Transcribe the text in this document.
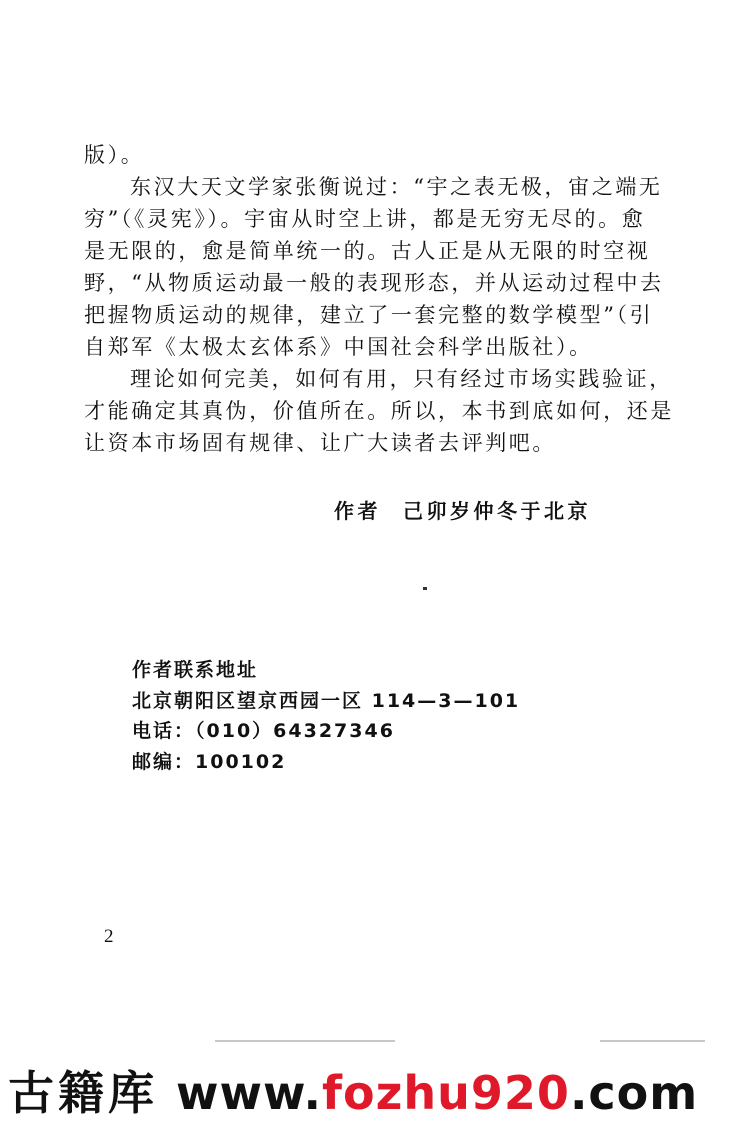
版）。
东汉大天文学家张衡说过：“宇之表无极，宙之端无
穷”（《灵宪》）。宇宙从时空上讲，都是无穷无尽的。愈
是无限的，愈是简单统一的。古人正是从无限的时空视
野，“从物质运动最一般的表现形态，并从运动过程中去
把握物质运动的规律，建立了一套完整的数学模型”（引
自郑军《太极太玄体系》中国社会科学出版社）。
理论如何完美，如何有用，只有经过市场实践验证，
才能确定其真伪，价值所在。所以，本书到底如何，还是
让资本市场固有规律、让广大读者去评判吧。
作者 己卯岁仲冬于北京
作者联系地址
北京朝阳区望京西园一区 114—3—101
电话：（010）64327346
邮编：100102
2
古籍库 www.fozhu920.com
